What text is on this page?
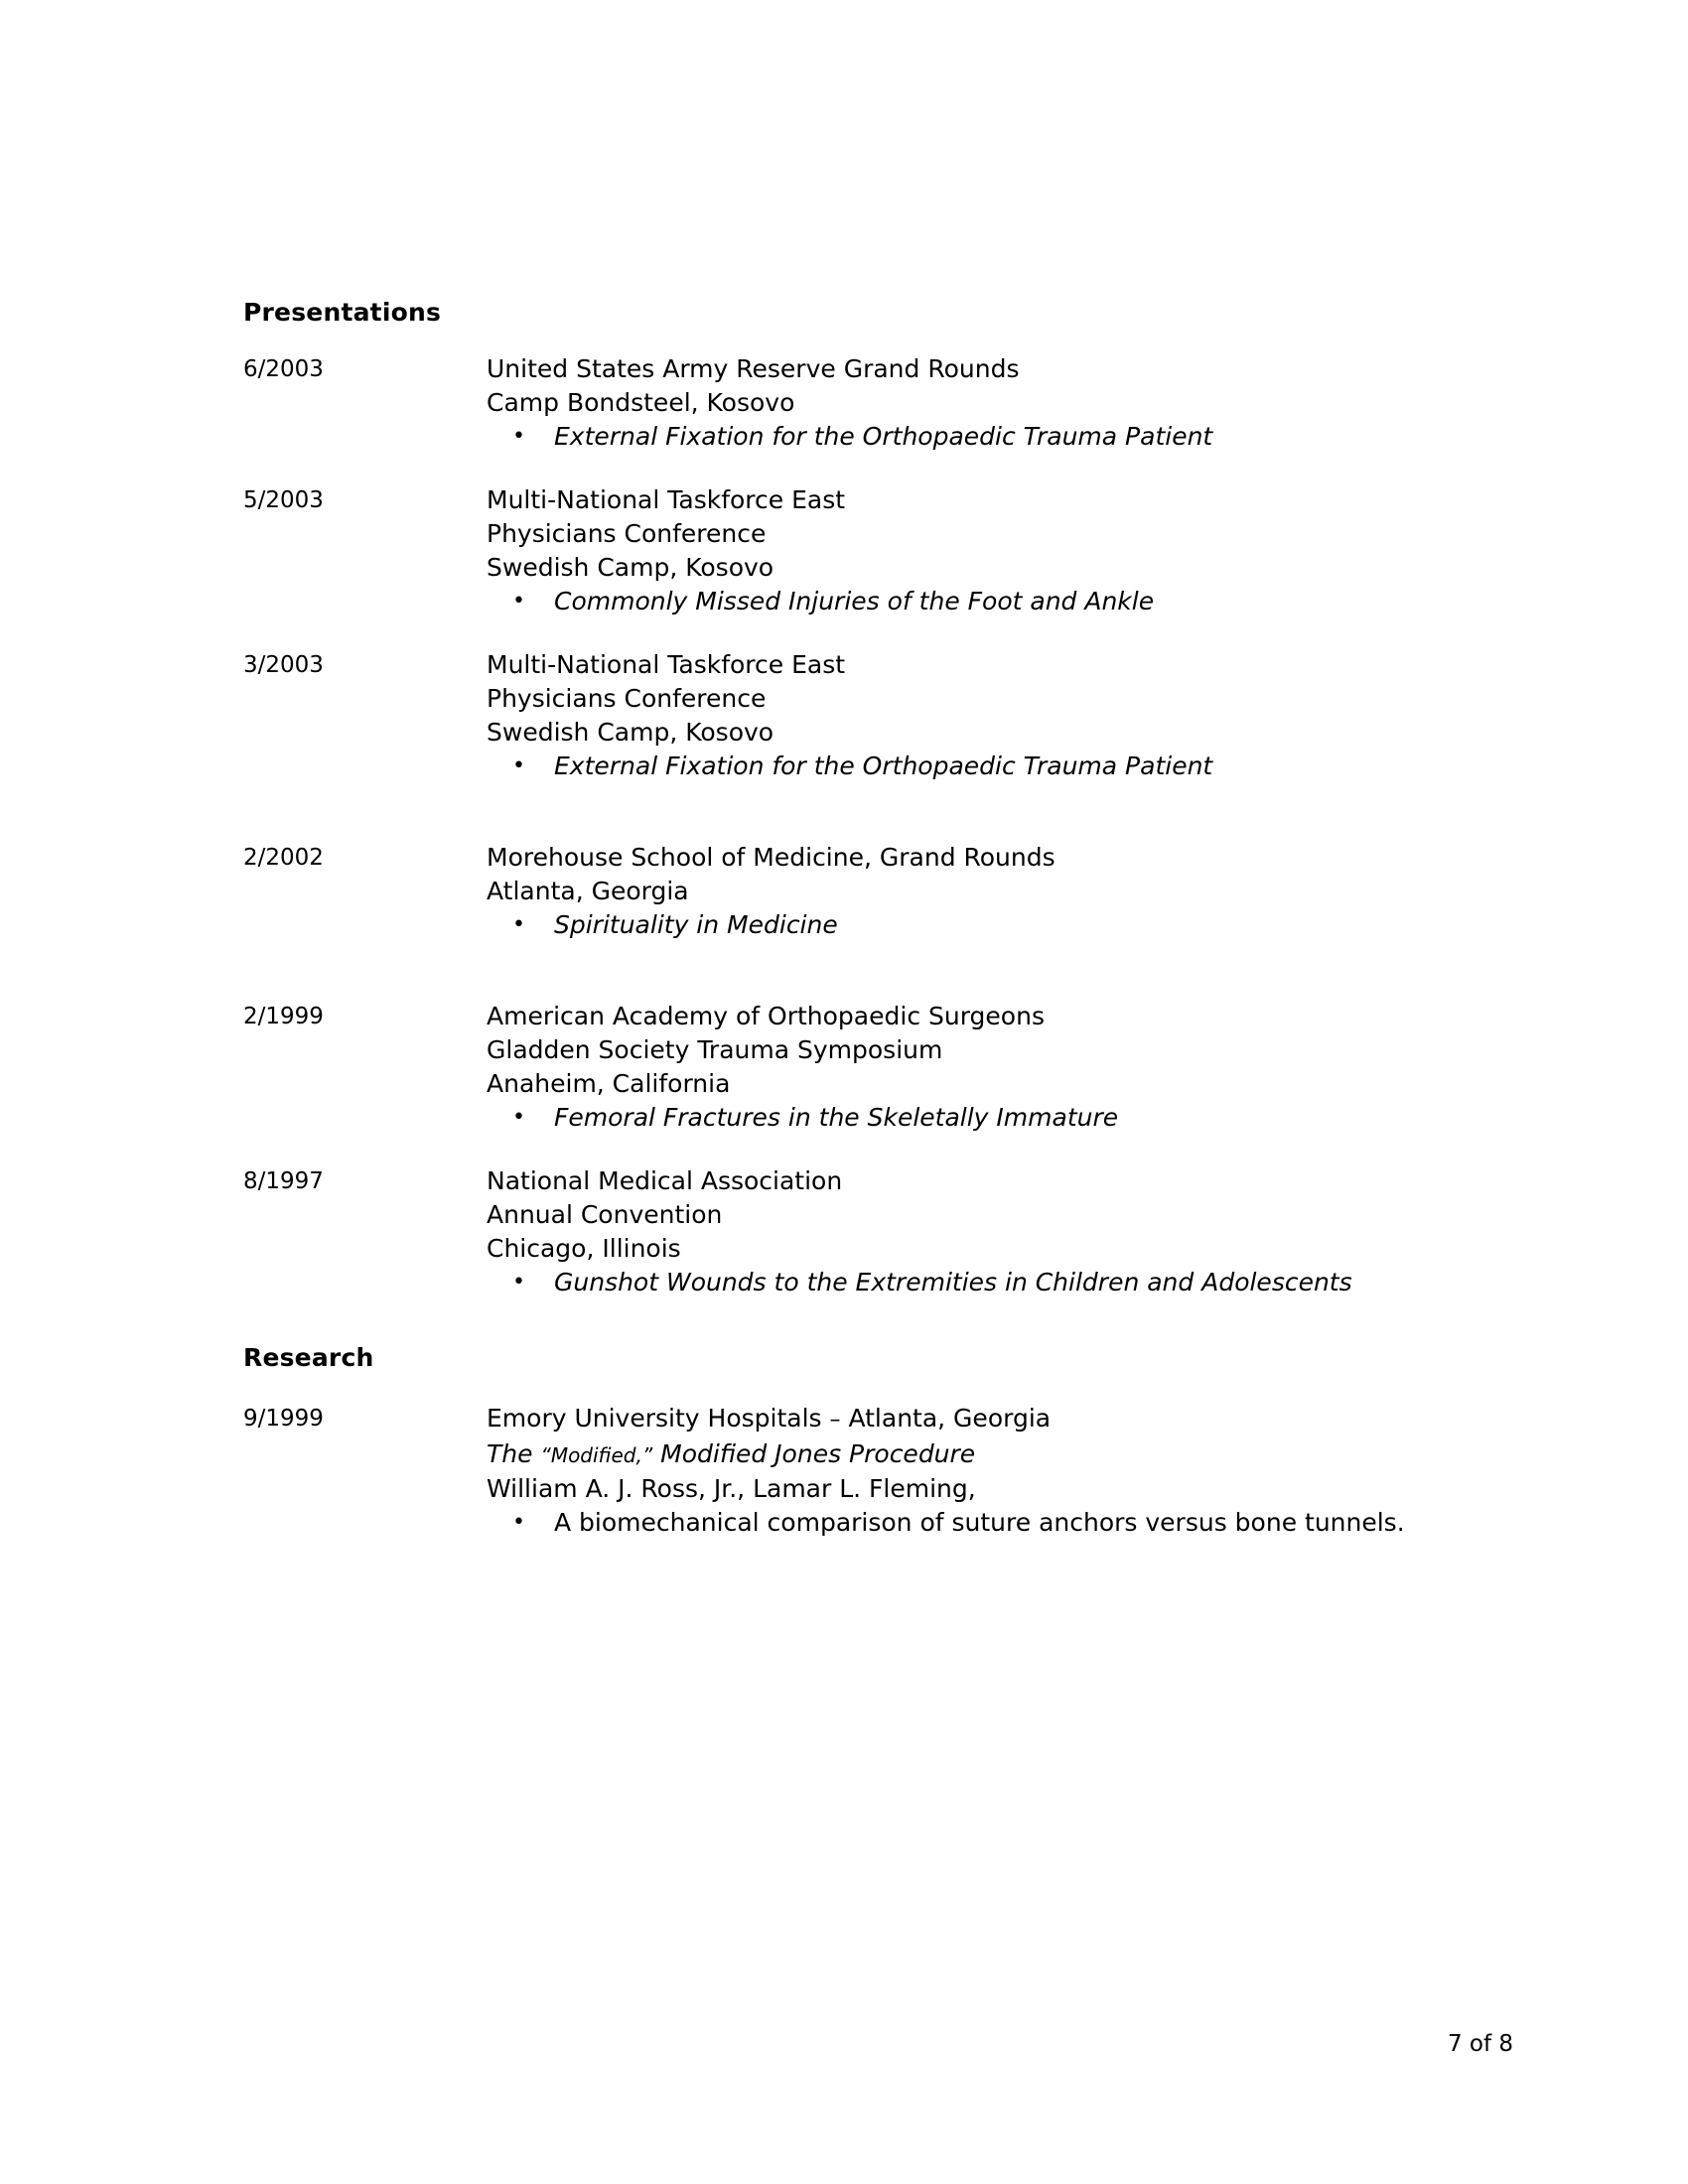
Presentations
6/2003	United States Army Reserve Grand Rounds
Camp Bondsteel, Kosovo
• External Fixation for the Orthopaedic Trauma Patient
5/2003	Multi-National Taskforce East
Physicians Conference
Swedish Camp, Kosovo
• Commonly Missed Injuries of the Foot and Ankle
3/2003	Multi-National Taskforce East
Physicians Conference
Swedish Camp, Kosovo
• External Fixation for the Orthopaedic Trauma Patient
2/2002	Morehouse School of Medicine, Grand Rounds
Atlanta, Georgia
• Spirituality in Medicine
2/1999	American Academy of Orthopaedic Surgeons
Gladden Society Trauma Symposium
Anaheim, California
• Femoral Fractures in the Skeletally Immature
8/1997	National Medical Association
Annual Convention
Chicago, Illinois
• Gunshot Wounds to the Extremities in Children and Adolescents
Research
9/1999	Emory University Hospitals – Atlanta, Georgia
The “Modified,” Modified Jones Procedure
William A. J. Ross, Jr., Lamar L. Fleming,
• A biomechanical comparison of suture anchors versus bone tunnels.
7 of 8
